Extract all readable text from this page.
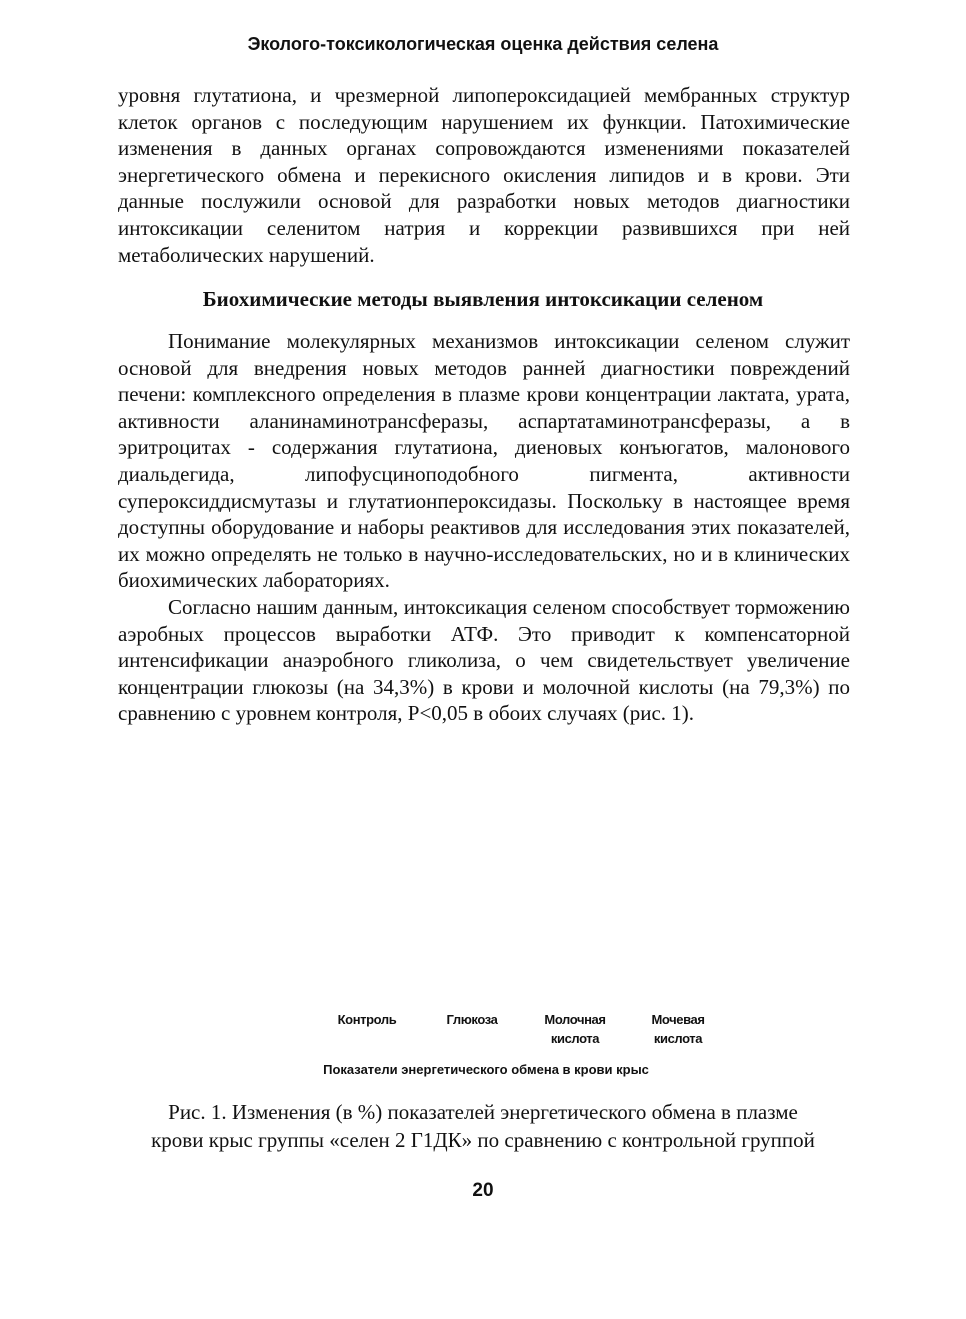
Эколого-токсикологическая оценка действия селена

уровня глутатиона, и чрезмерной липопероксидацией мембранных структур клеток органов с последующим нарушением их функции. Патохимические изменения в данных органах сопровождаются изменениями показателей энергетического обмена и перекисного окисления липидов и в крови. Эти данные послужили основой для разработки новых методов диагностики интоксикации селенитом натрия и коррекции развившихся при ней метаболических нарушений.

Биохимические методы выявления интоксикации селеном

Понимание молекулярных механизмов интоксикации селеном служит основой для внедрения новых методов ранней диагностики повреждений печени: комплексного определения в плазме крови концентрации лактата, урата, активности аланинаминотрансферазы, аспартатаминотрансферазы, а в эритроцитах - содержания глутатиона, диеновых конъюгатов, малонового диальдегида, липофусциноподобного пигмента, активности супероксиддисмутазы и глутатионпероксидазы. Поскольку в настоящее время доступны оборудование и наборы реактивов для исследования этих показателей, их можно определять не только в научно-исследовательских, но и в клинических биохимических лабораториях.

Согласно нашим данным, интоксикация селеном способствует торможению аэробных процессов выработки АТФ. Это приводит к компенсаторной интенсификации анаэробного гликолиза, о чем свидетельствует увеличение концентрации глюкозы (на 34,3%) в крови и молочной кислоты (на 79,3%) по сравнению с уровнем контроля, P<0,05 в обоих случаях (рис. 1).

Контроль	Глюкоза	Молочная
кислота
Мочевая
кислота
Показатели энергетического обмена в крови крыс
Рис. 1. Изменения (в %) показателей энергетического обмена в плазме
крови крыс группы «селен 2 Г1ДК» по сравнению с контрольной группой
20
